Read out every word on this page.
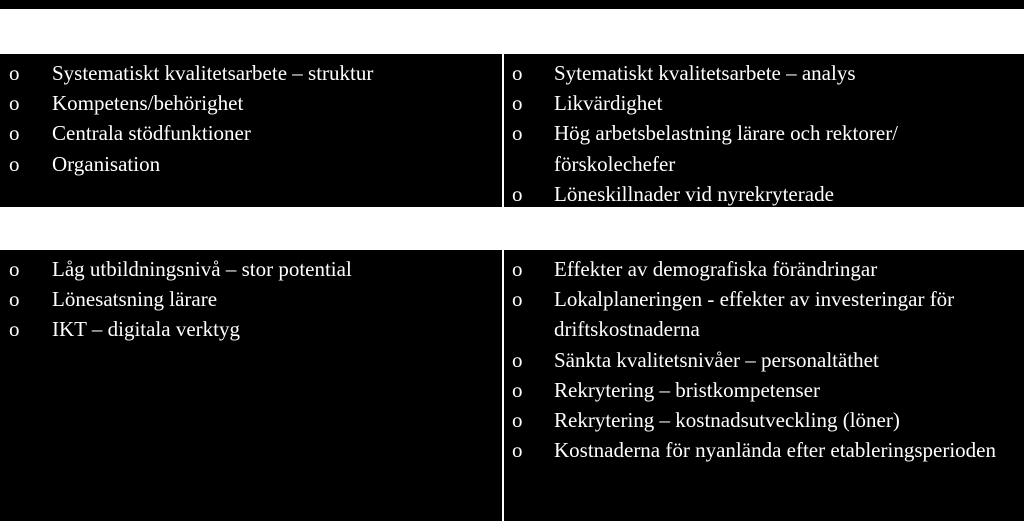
o Systematiskt kvalitetsarbete – struktur
o Kompetens/behörighet
o Centrala stödfunktioner
o Organisation
o Sytematiskt kvalitetsarbete – analys
o Likvärdighet
o Hög arbetsbelastning lärare och rektorer/ förskolechefer
o Löneskillnader vid nyrekryterade
o Låg utbildningsnivå – stor potential
o Lönesatsning lärare
o IKT – digitala verktyg
o Effekter av demografiska förändringar
o Lokalplaneringen - effekter av investeringar för driftskostnaderna
o Sänkta kvalitetsnivåer – personaltäthet
o Rekrytering – bristkompetenser
o Rekrytering – kostnadsutveckling (löner)
o Kostnaderna för nyanlända efter etableringsperioden
